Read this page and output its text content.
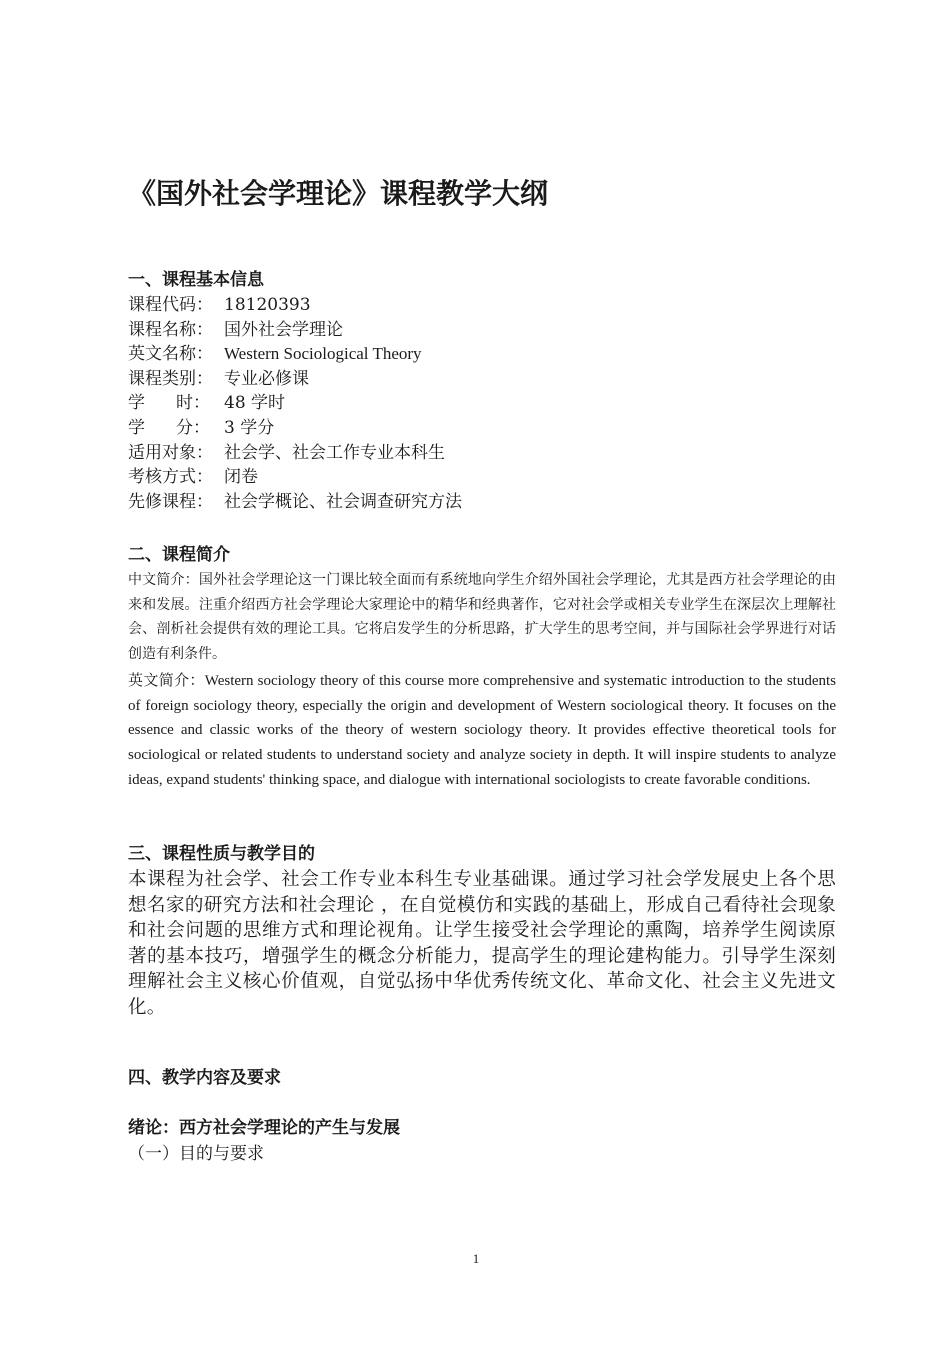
《国外社会学理论》课程教学大纲
一、课程基本信息
课程代码： 18120393
课程名称： 国外社会学理论
英文名称： Western Sociological Theory
课程类别： 专业必修课
学 时： 48 学时
学 分： 3 学分
适用对象： 社会学、社会工作专业本科生
考核方式： 闭卷
先修课程： 社会学概论、社会调查研究方法
二、课程简介

中文简介：国外社会学理论这一门课比较全面而有系统地向学生介绍外国社会学理论，尤其是西方社会学理论的由来和发展。注重介绍西方社会学理论大家理论中的精华和经典著作，它对社会学或相关专业学生在深层次上理解社会、剖析社会提供有效的理论工具。它将启发学生的分析思路，扩大学生的思考空间，并与国际社会学界进行对话创造有利条件。

英文简介：Western sociology theory of this course more comprehensive and systematic introduction to the students of foreign sociology theory, especially the origin and development of Western sociological theory. It focuses on the essence and classic works of the theory of western sociology theory. It provides effective theoretical tools for sociological or related students to understand society and analyze society in depth. It will inspire students to analyze ideas, expand students' thinking space, and dialogue with international sociologists to create favorable conditions.

三、课程性质与教学目的

本课程为社会学、社会工作专业本科生专业基础课。通过学习社会学发展史上各个思想名家的研究方法和社会理论 ，在自觉模仿和实践的基础上，形成自己看待社会现象和社会问题的思维方式和理论视角。让学生接受社会学理论的熏陶，培养学生阅读原著的基本技巧，增强学生的概念分析能力，提高学生的理论建构能力。引导学生深刻理解社会主义核心价值观，自觉弘扬中华优秀传统文化、革命文化、社会主义先进文化。

四、教学内容及要求
绪论：西方社会学理论的产生与发展

（一）目的与要求

1
